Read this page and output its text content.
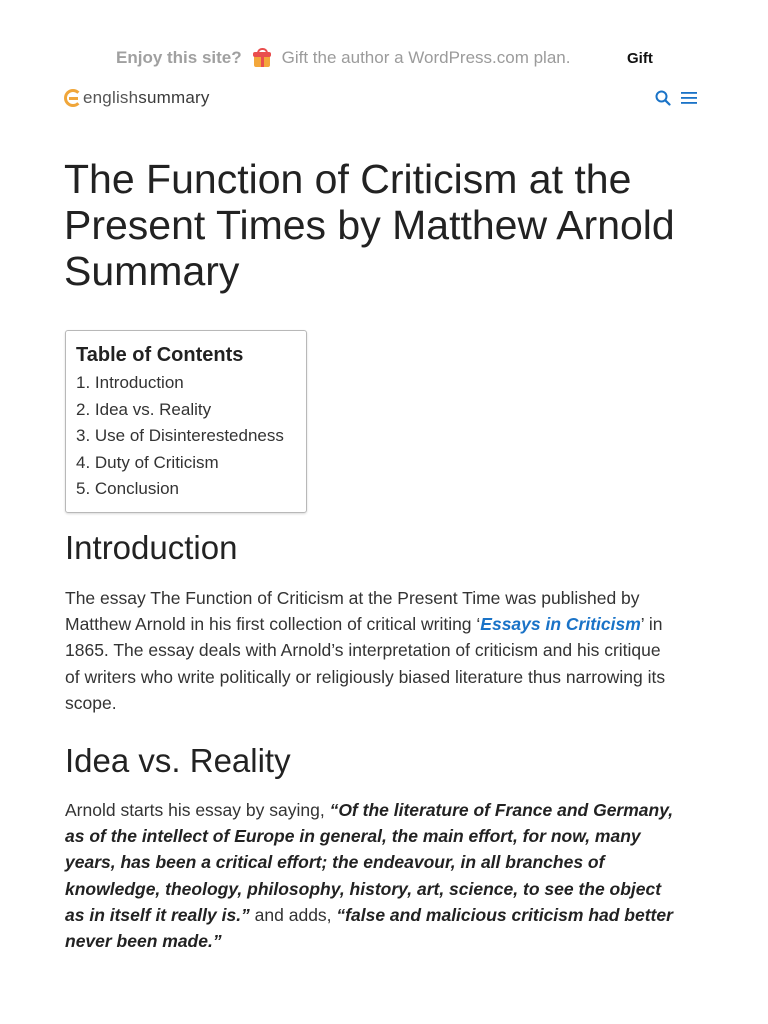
Enjoy this site? Gift the author a WordPress.com plan.	Gift
english summary
The Function of Criticism at the Present Times by Matthew Arnold Summary
Table of Contents
1. Introduction
2. Idea vs. Reality
3. Use of Disinterestedness
4. Duty of Criticism
5. Conclusion
Introduction

The essay The Function of Criticism at the Present Time was published by Matthew Arnold in his first collection of critical writing ‘Essays in Criticism’ in 1865. The essay deals with Arnold’s interpretation of criticism and his critique of writers who write politically or religiously biased literature thus narrowing its scope.

Idea vs. Reality

Arnold starts his essay by saying, “Of the literature of France and Germany, as of the intellect of Europe in general, the main effort, for now, many years, has been a critical effort; the endeavour, in all branches of knowledge, theology, philosophy, history, art, science, to see the object as in itself it really is.” and adds, “false and malicious criticism had better never been made.”
